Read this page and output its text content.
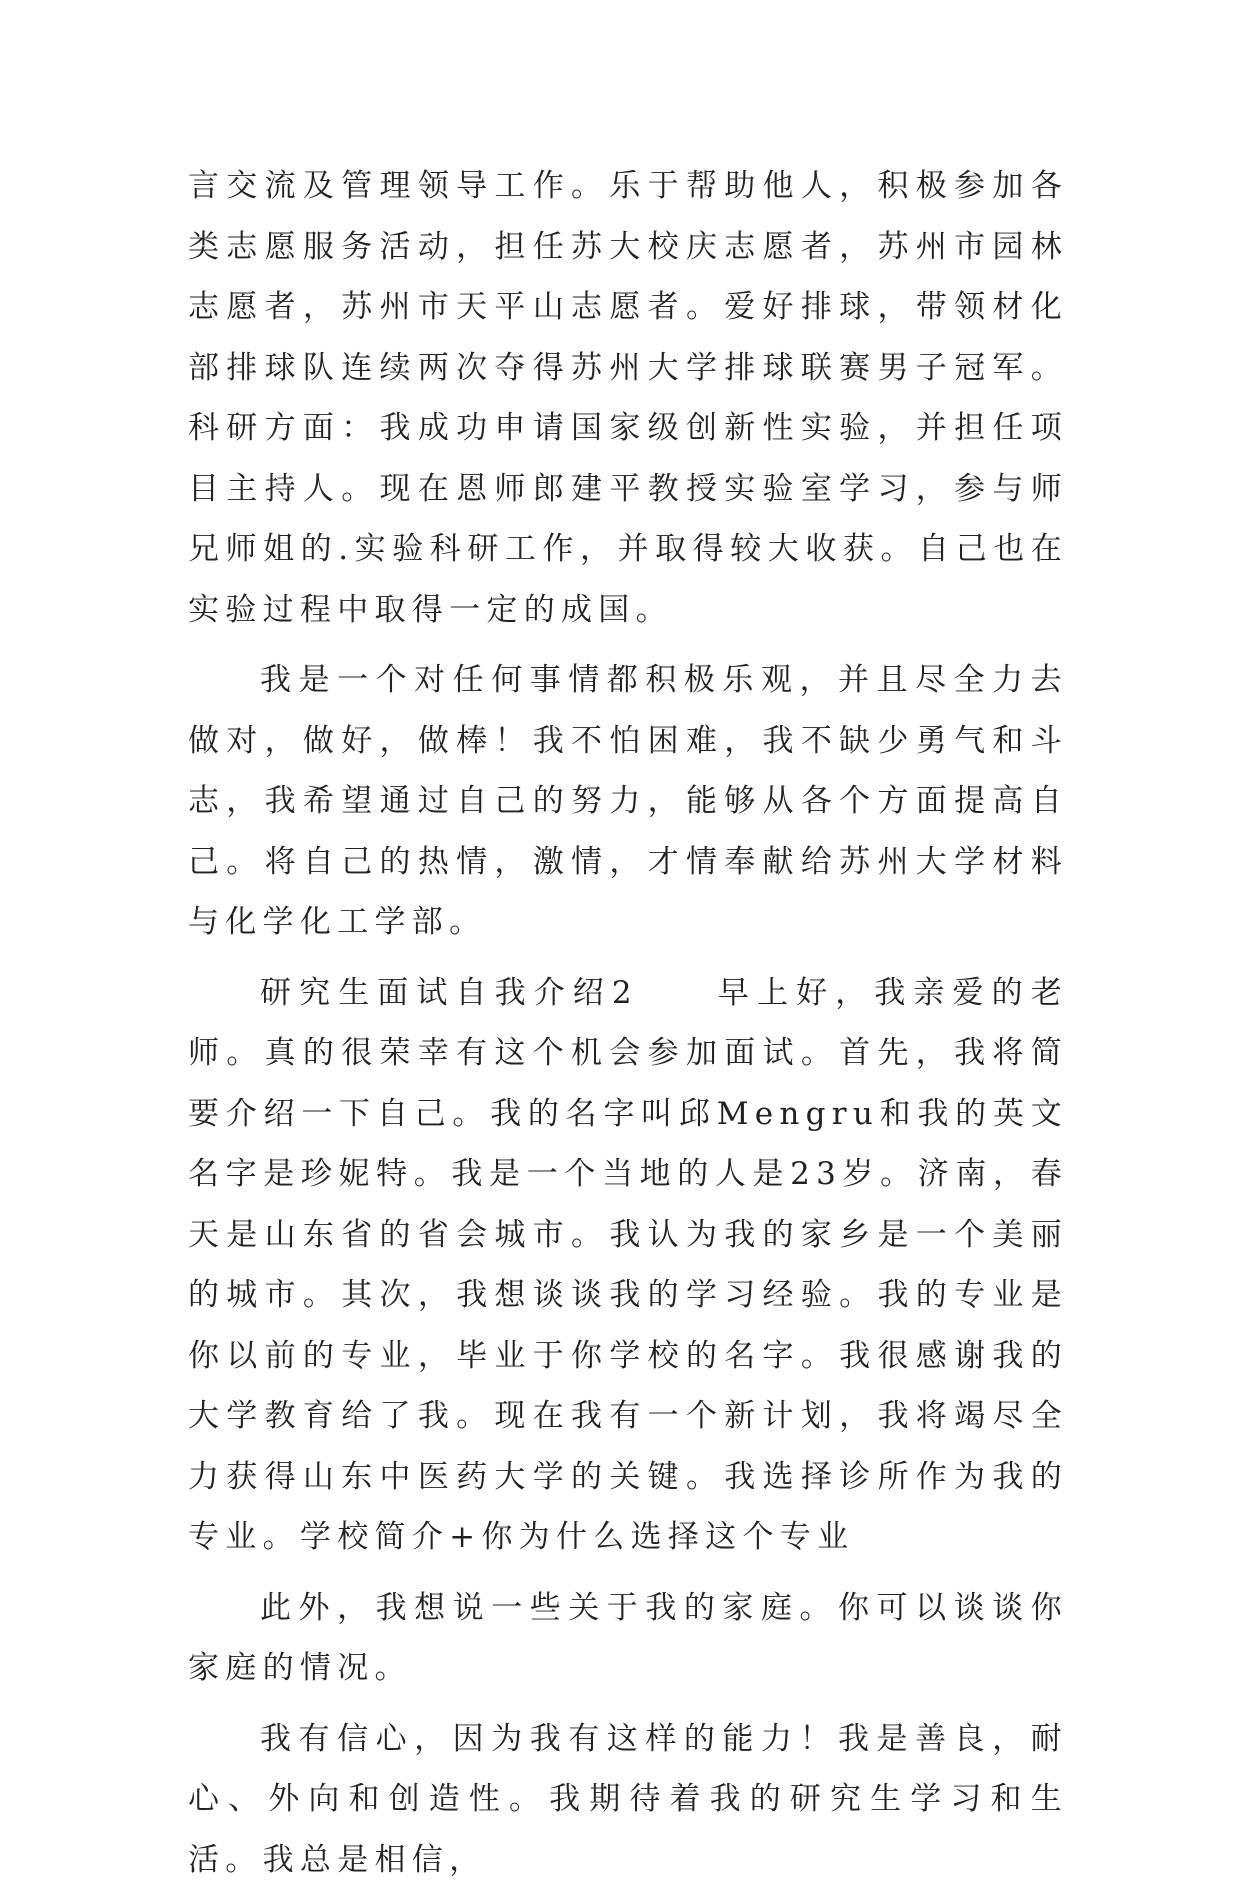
言交流及管理领导工作。乐于帮助他人，积极参加各类志愿服务活动，担任苏大校庆志愿者，苏州市园林志愿者，苏州市天平山志愿者。爱好排球，带领材化部排球队连续两次夺得苏州大学排球联赛男子冠军。科研方面：我成功申请国家级创新性实验，并担任项目主持人。现在恩师郎建平教授实验室学习，参与师兄师姐的.实验科研工作，并取得较大收获。自己也在实验过程中取得一定的成国。

我是一个对任何事情都积极乐观，并且尽全力去做对，做好，做棒！我不怕困难，我不缺少勇气和斗志，我希望通过自己的努力，能够从各个方面提高自己。将自己的热情，激情，才情奉献给苏州大学材料与化学化工学部。

研究生面试自我介绍2　　早上好，我亲爱的老师。真的很荣幸有这个机会参加面试。首先，我将简要介绍一下自己。我的名字叫邱Mengru和我的英文名字是珍妮特。我是一个当地的人是23岁。济南，春天是山东省的省会城市。我认为我的家乡是一个美丽的城市。其次，我想谈谈我的学习经验。我的专业是你以前的专业，毕业于你学校的名字。我很感谢我的大学教育给了我。现在我有一个新计划，我将竭尽全力获得山东中医药大学的关键。我选择诊所作为我的专业。学校简介+你为什么选择这个专业

此外，我想说一些关于我的家庭。你可以谈谈你家庭的情况。

我有信心，因为我有这样的能力！我是善良，耐心、外向和创造性。我期待着我的研究生学习和生活。我总是相信，
